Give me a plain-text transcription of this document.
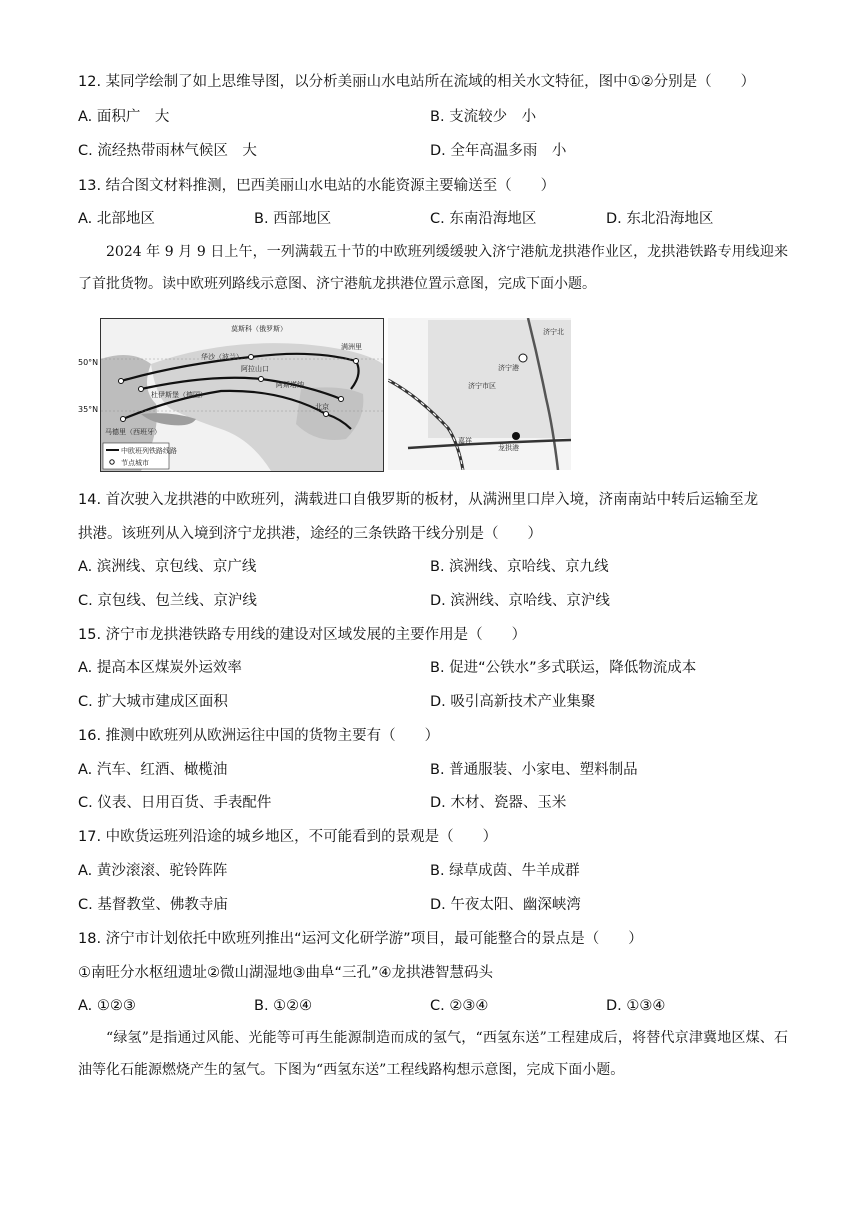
12. 某同学绘制了如上思维导图，以分析美丽山水电站所在流域的相关水文特征，图中①②分别是（　　）
A. 面积广　大	B. 支流较少　小
C. 流经热带雨林气候区　大	D. 全年高温多雨　小
13. 结合图文材料推测，巴西美丽山水电站的水能资源主要输送至（　　）
A. 北部地区	B. 西部地区	C. 东南沿海地区	D. 东北沿海地区
2024 年 9 月 9 日上午，一列满载五十节的中欧班列缓缓驶入济宁港航龙拱港作业区，龙拱港铁路专用线迎来了首批货物。读中欧班列路线示意图、济宁港航龙拱港位置示意图，完成下面小题。
莫斯科（俄罗斯）
阿拉山口
满洲里
华沙（波兰）
北京
马德里（西班牙）
杜伊斯堡（德国）
阿斯塔纳
中欧班列铁路线路
节点城市
50°N
35°N
济宁港
龙拱港
嘉祥
济宁北
济宁市区
14. 首次驶入龙拱港的中欧班列，满载进口自俄罗斯的板材，从满洲里口岸入境，济南南站中转后运输至龙
拱港。该班列从入境到济宁龙拱港，途经的三条铁路干线分别是（　　）
A. 滨洲线、京包线、京广线	B. 滨洲线、京哈线、京九线
C. 京包线、包兰线、京沪线	D. 滨洲线、京哈线、京沪线
15. 济宁市龙拱港铁路专用线的建设对区域发展的主要作用是（　　）
A. 提高本区煤炭外运效率	B. 促进“公铁水”多式联运，降低物流成本
C. 扩大城市建成区面积	D. 吸引高新技术产业集聚
16. 推测中欧班列从欧洲运往中国的货物主要有（　　）
A. 汽车、红酒、橄榄油	B. 普通服装、小家电、塑料制品
C. 仪表、日用百货、手表配件	D. 木材、瓷器、玉米
17. 中欧货运班列沿途的城乡地区，不可能看到的景观是（　　）
A. 黄沙滚滚、驼铃阵阵	B. 绿草成茵、牛羊成群
C. 基督教堂、佛教寺庙	D. 午夜太阳、幽深峡湾
18. 济宁市计划依托中欧班列推出“运河文化研学游”项目，最可能整合的景点是（　　）
①南旺分水枢纽遗址②微山湖湿地③曲阜“三孔”④龙拱港智慧码头
A. ①②③	B. ①②④	C. ②③④	D. ①③④
“绿氢”是指通过风能、光能等可再生能源制造而成的氢气，“西氢东送”工程建成后，将替代京津冀地区煤、石油等化石能源燃烧产生的氢气。下图为“西氢东送”工程线路构想示意图，完成下面小题。
